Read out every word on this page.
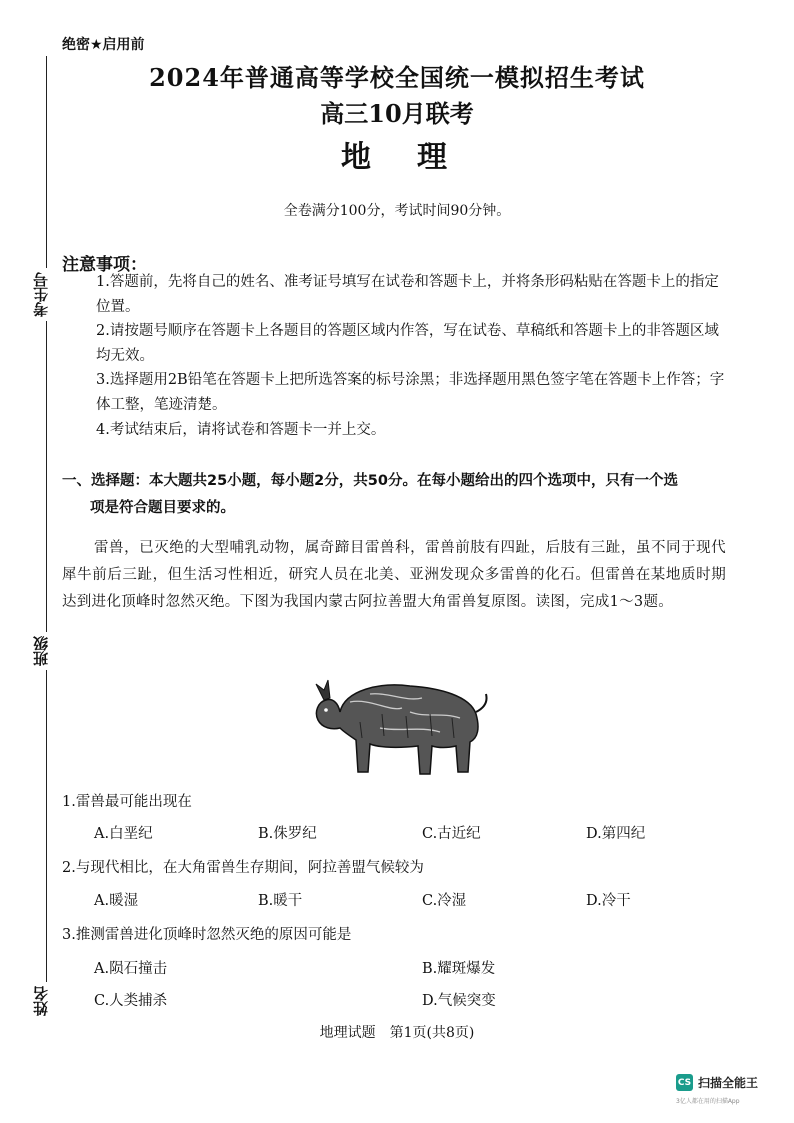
考生号
班级
姓名
绝密★启用前
2024年普通高等学校全国统一模拟招生考试
高三10月联考
地理
全卷满分100分，考试时间90分钟。
注意事项：
1.答题前，先将自己的姓名、准考证号填写在试卷和答题卡上，并将条形码粘贴在答题卡上的指定位置。
2.请按题号顺序在答题卡上各题目的答题区域内作答，写在试卷、草稿纸和答题卡上的非答题区域均无效。
3.选择题用2B铅笔在答题卡上把所选答案的标号涂黑；非选择题用黑色签字笔在答题卡上作答；字体工整，笔迹清楚。
4.考试结束后，请将试卷和答题卡一并上交。
一、选择题：本大题共25小题，每小题2分，共50分。在每小题给出的四个选项中，只有一个选
项是符合题目要求的。
雷兽，已灭绝的大型哺乳动物，属奇蹄目雷兽科，雷兽前肢有四趾，后肢有三趾，虽不同于现代犀牛前后三趾，但生活习性相近，研究人员在北美、亚洲发现众多雷兽的化石。但雷兽在某地质时期达到进化顶峰时忽然灭绝。下图为我国内蒙古阿拉善盟大角雷兽复原图。读图，完成1～3题。
1.雷兽最可能出现在
A.白垩纪	B.侏罗纪	C.古近纪	D.第四纪
2.与现代相比，在大角雷兽生存期间，阿拉善盟气候较为
A.暖湿	B.暖干	C.冷湿	D.冷干
3.推测雷兽进化顶峰时忽然灭绝的原因可能是
A.陨石撞击	B.耀斑爆发
C.人类捕杀	D.气候突变
地理试题　第1页(共8页)
CS 扫描全能王
3亿人都在用的扫描App
